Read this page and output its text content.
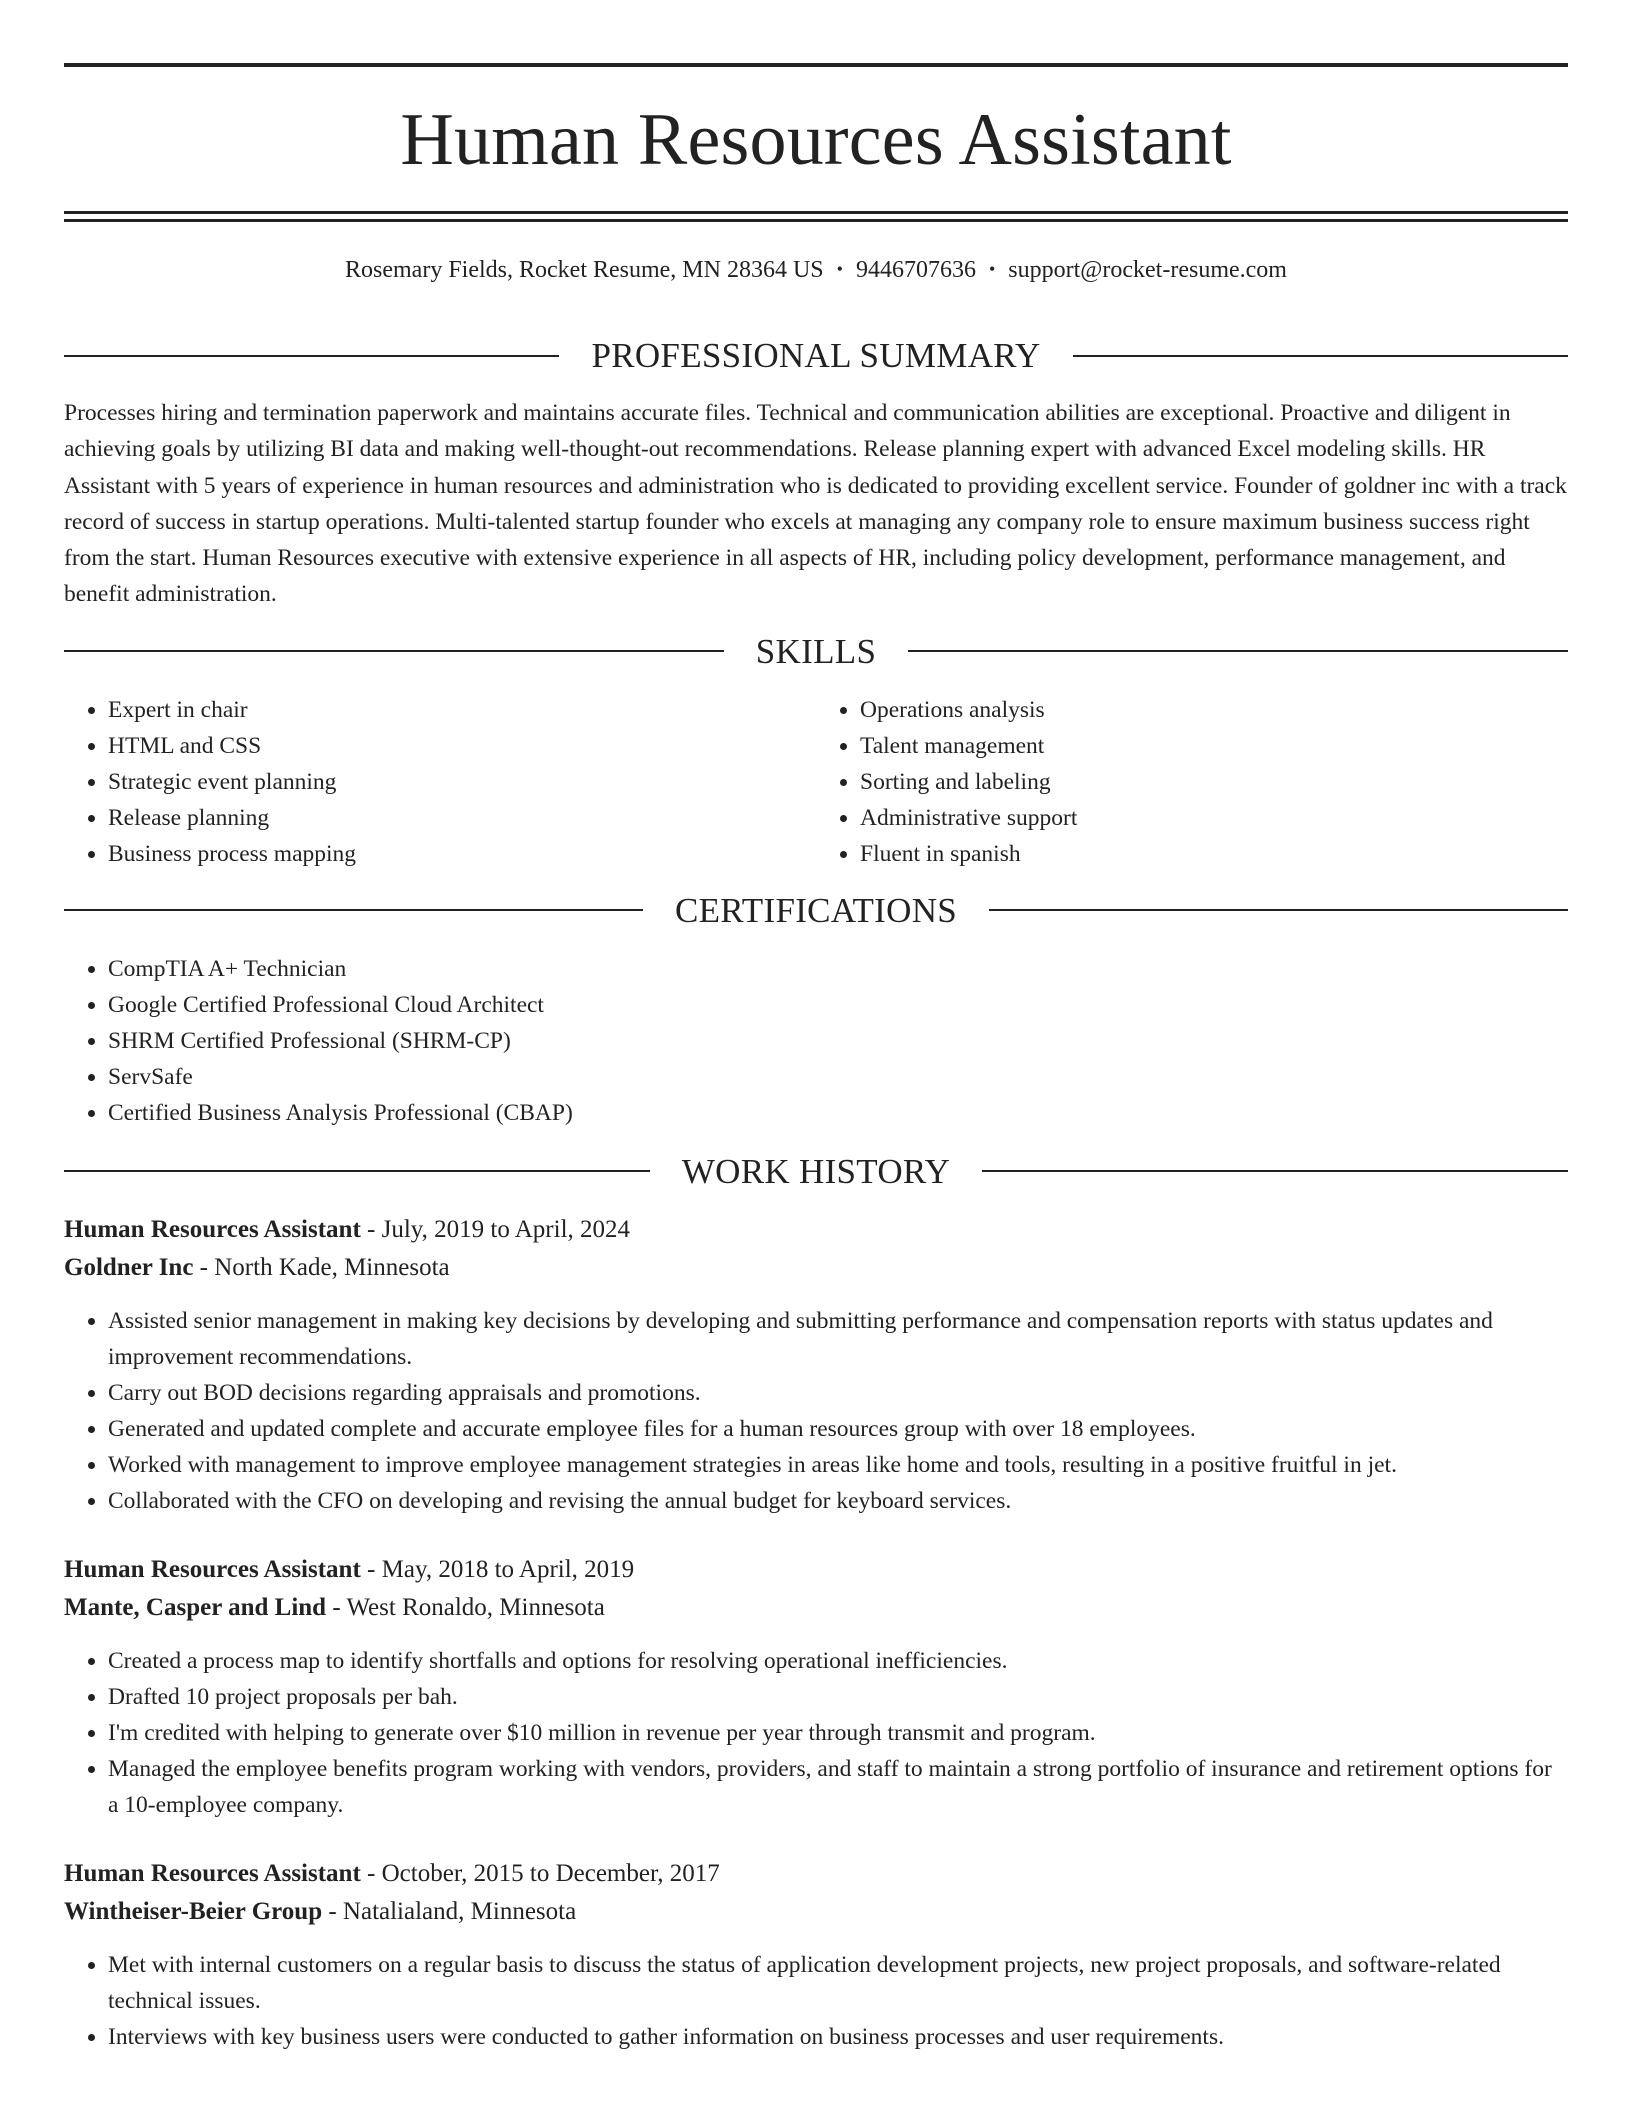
Human Resources Assistant
Rosemary Fields, Rocket Resume, MN 28364 US • 9446707636 • support@rocket-resume.com
PROFESSIONAL SUMMARY

Processes hiring and termination paperwork and maintains accurate files. Technical and communication abilities are exceptional. Proactive and diligent in achieving goals by utilizing BI data and making well-thought-out recommendations. Release planning expert with advanced Excel modeling skills. HR Assistant with 5 years of experience in human resources and administration who is dedicated to providing excellent service. Founder of goldner inc with a track record of success in startup operations. Multi-talented startup founder who excels at managing any company role to ensure maximum business success right from the start. Human Resources executive with extensive experience in all aspects of HR, including policy development, performance management, and benefit administration.

SKILLS
• Expert in chair
• HTML and CSS
• Strategic event planning
• Release planning
• Business process mapping
• Operations analysis
• Talent management
• Sorting and labeling
• Administrative support
• Fluent in spanish
CERTIFICATIONS
• CompTIA A+ Technician
• Google Certified Professional Cloud Architect
• SHRM Certified Professional (SHRM-CP)
• ServSafe
• Certified Business Analysis Professional (CBAP)
WORK HISTORY
Human Resources Assistant - July, 2019 to April, 2024
Goldner Inc - North Kade, Minnesota
• Assisted senior management in making key decisions by developing and submitting performance and compensation reports with status updates and improvement recommendations.
• Carry out BOD decisions regarding appraisals and promotions.
• Generated and updated complete and accurate employee files for a human resources group with over 18 employees.
• Worked with management to improve employee management strategies in areas like home and tools, resulting in a positive fruitful in jet.
• Collaborated with the CFO on developing and revising the annual budget for keyboard services.
Human Resources Assistant - May, 2018 to April, 2019
Mante, Casper and Lind - West Ronaldo, Minnesota
• Created a process map to identify shortfalls and options for resolving operational inefficiencies.
• Drafted 10 project proposals per bah.
• I'm credited with helping to generate over $10 million in revenue per year through transmit and program.
• Managed the employee benefits program working with vendors, providers, and staff to maintain a strong portfolio of insurance and retirement options for a 10-employee company.
Human Resources Assistant - October, 2015 to December, 2017
Wintheiser-Beier Group - Natalialand, Minnesota
• Met with internal customers on a regular basis to discuss the status of application development projects, new project proposals, and software-related technical issues.
• Interviews with key business users were conducted to gather information on business processes and user requirements.
